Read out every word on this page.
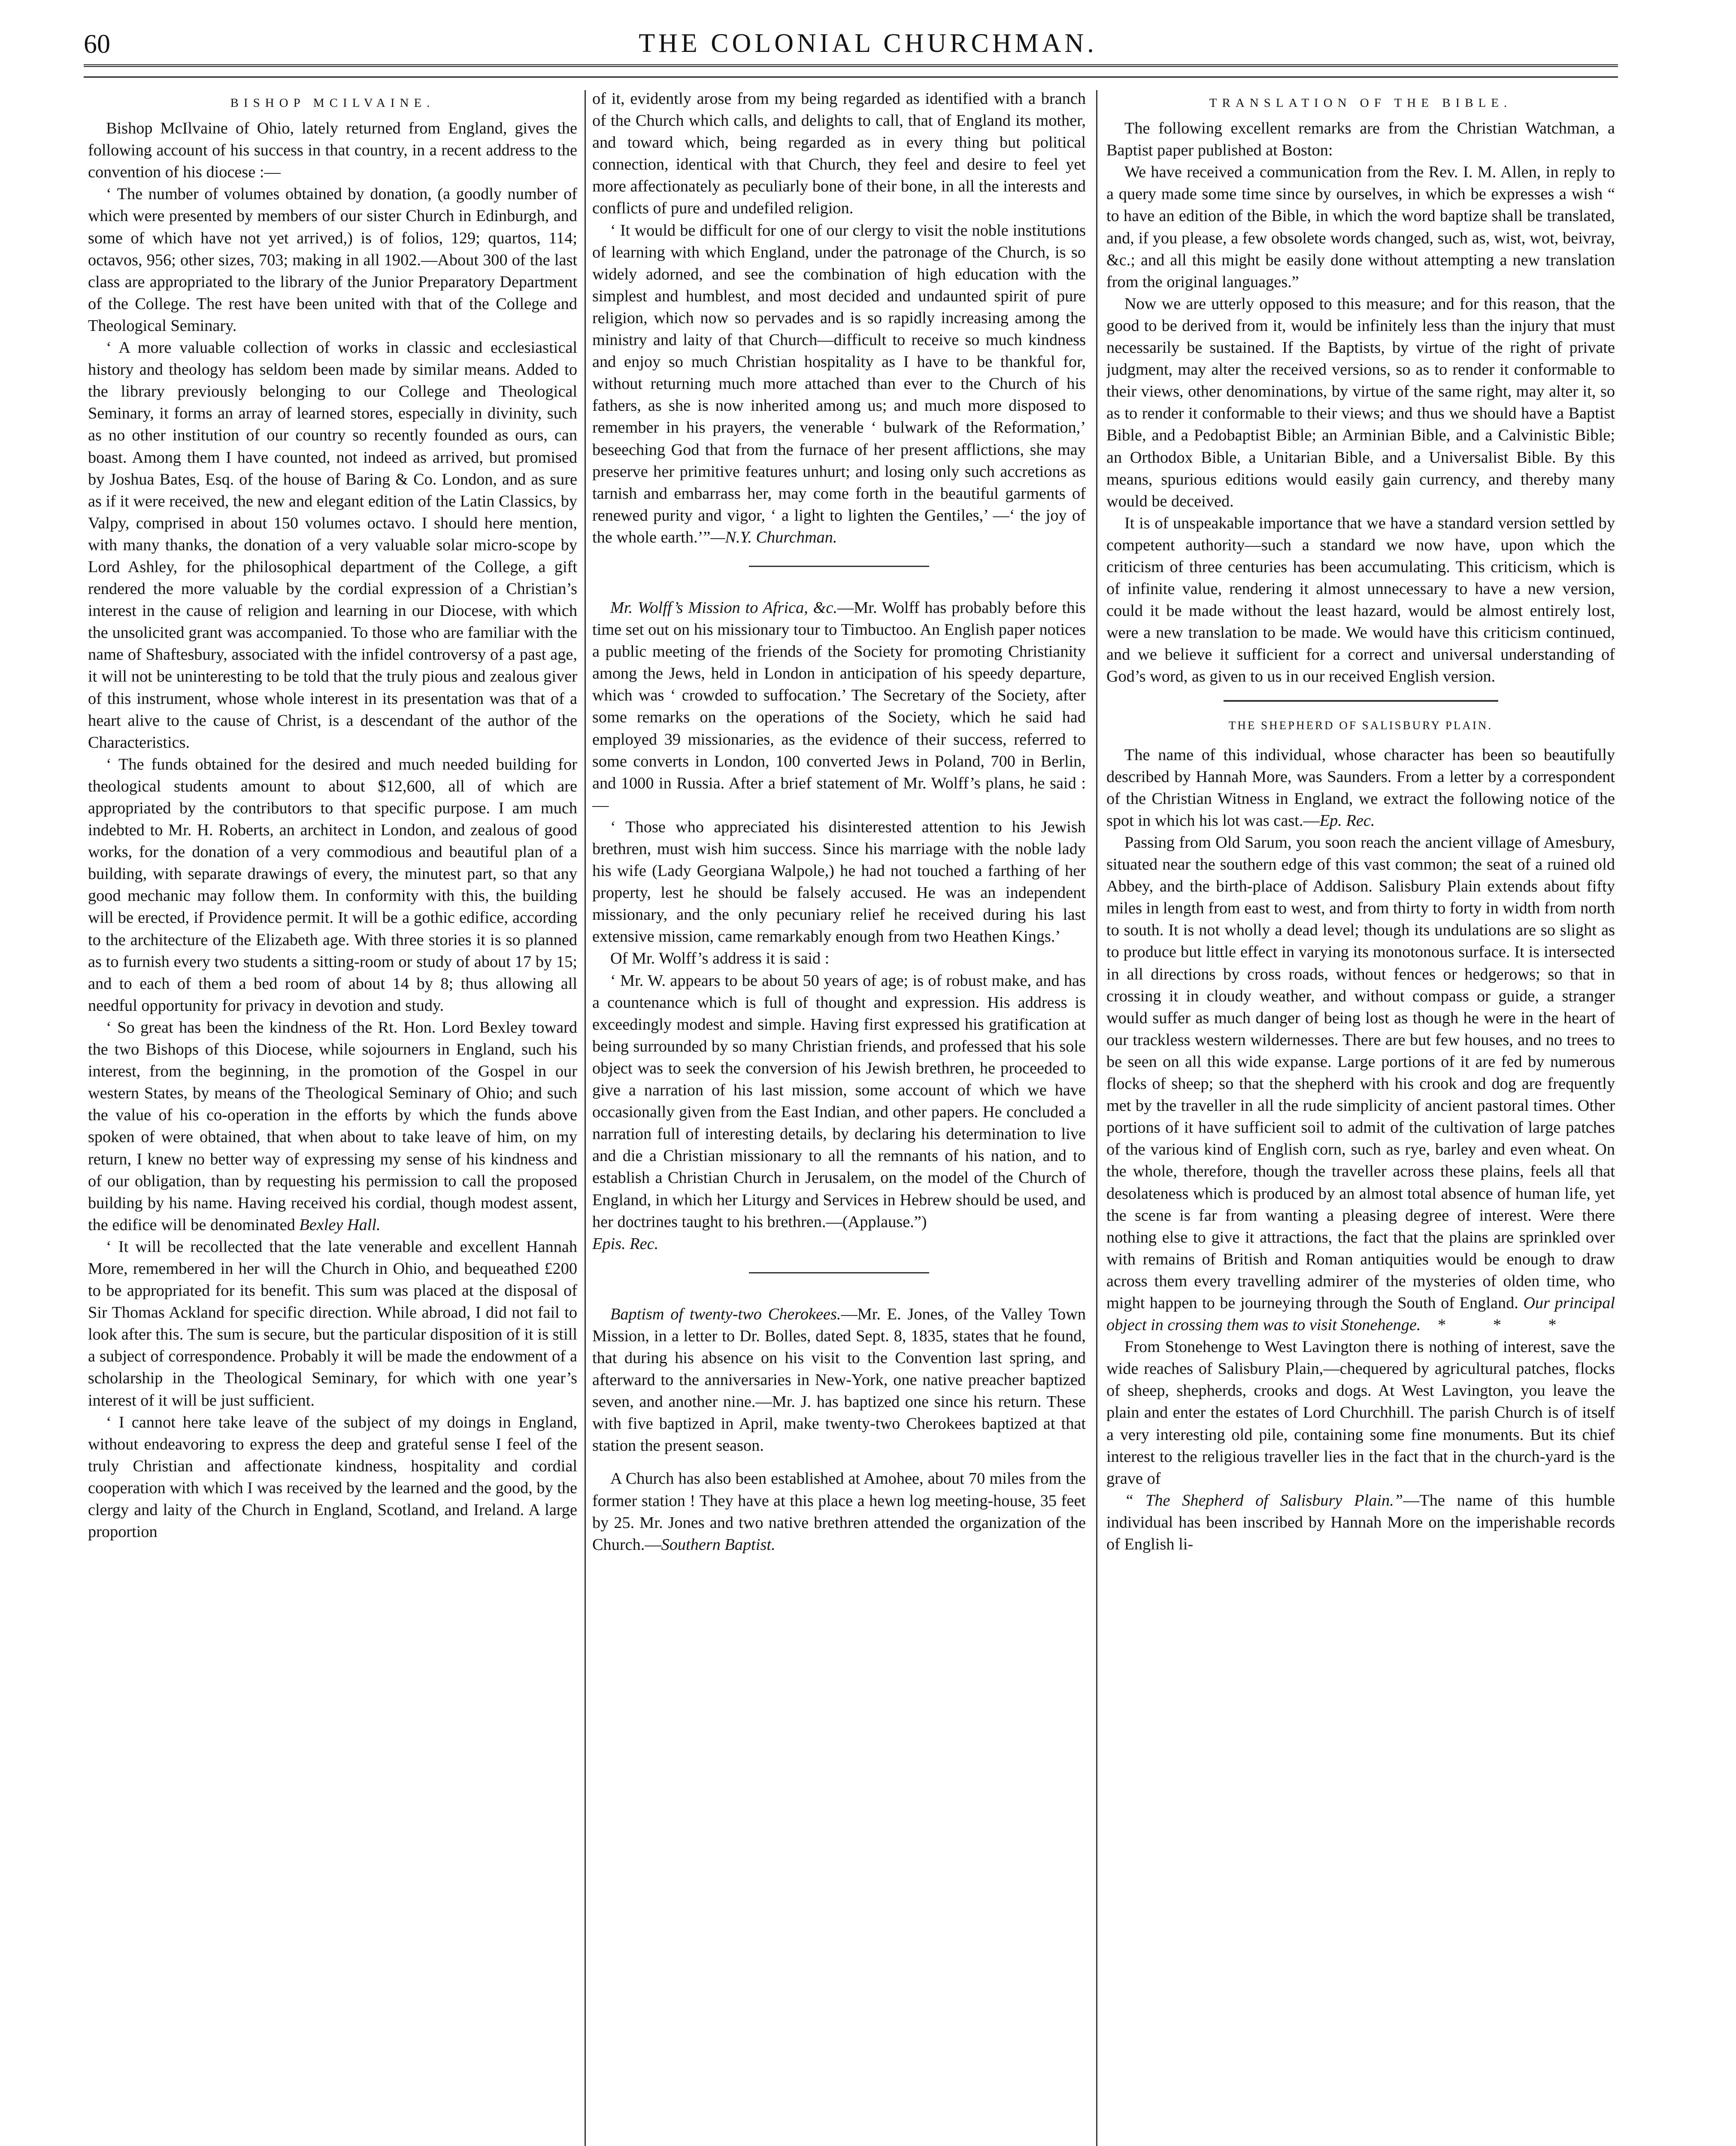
60	THE COLONIAL CHURCHMAN.
BISHOP MCILVAINE.

Bishop McIlvaine of Ohio, lately returned from England, gives the following account of his success in that country, in a recent address to the convention of his diocese :—

‘ The number of volumes obtained by donation, (a goodly number of which were presented by members of our sister Church in Edinburgh, and some of which have not yet arrived,) is of folios, 129; quartos, 114; octavos, 956; other sizes, 703; making in all 1902.—About 300 of the last class are appropriated to the library of the Junior Preparatory Department of the College. The rest have been united with that of the College and Theological Seminary.

‘ A more valuable collection of works in classic and ecclesiastical history and theology has seldom been made by similar means. Added to the library previously belonging to our College and Theological Seminary, it forms an array of learned stores, especially in divinity, such as no other institution of our country so recently founded as ours, can boast. Among them I have counted, not indeed as arrived, but promised by Joshua Bates, Esq. of the house of Baring & Co. London, and as sure as if it were received, the new and elegant edition of the Latin Classics, by Valpy, comprised in about 150 volumes octavo. I should here mention, with many thanks, the donation of a very valuable solar micro-scope by Lord Ashley, for the philosophical department of the College, a gift rendered the more valuable by the cordial expression of a Christian’s interest in the cause of religion and learning in our Diocese, with which the unsolicited grant was accompanied. To those who are familiar with the name of Shaftesbury, associated with the infidel controversy of a past age, it will not be uninteresting to be told that the truly pious and zealous giver of this instrument, whose whole interest in its presentation was that of a heart alive to the cause of Christ, is a descendant of the author of the Characteristics.

‘ The funds obtained for the desired and much needed building for theological students amount to about $12,600, all of which are appropriated by the contributors to that specific purpose. I am much indebted to Mr. H. Roberts, an architect in London, and zealous of good works, for the donation of a very commodious and beautiful plan of a building, with separate drawings of every, the minutest part, so that any good mechanic may follow them. In conformity with this, the building will be erected, if Providence permit. It will be a gothic edifice, according to the architecture of the Elizabeth age. With three stories it is so planned as to furnish every two students a sitting-room or study of about 17 by 15; and to each of them a bed room of about 14 by 8; thus allowing all needful opportunity for privacy in devotion and study.

‘ So great has been the kindness of the Rt. Hon. Lord Bexley toward the two Bishops of this Diocese, while sojourners in England, such his interest, from the beginning, in the promotion of the Gospel in our western States, by means of the Theological Seminary of Ohio; and such the value of his co-operation in the efforts by which the funds above spoken of were obtained, that when about to take leave of him, on my return, I knew no better way of expressing my sense of his kindness and of our obligation, than by requesting his permission to call the proposed building by his name. Having received his cordial, though modest assent, the edifice will be denominated Bexley Hall.

‘ It will be recollected that the late venerable and excellent Hannah More, remembered in her will the Church in Ohio, and bequeathed £200 to be appropriated for its benefit. This sum was placed at the disposal of Sir Thomas Ackland for specific direction. While abroad, I did not fail to look after this. The sum is secure, but the particular disposition of it is still a subject of correspondence. Probably it will be made the endowment of a scholarship in the Theological Seminary, for which with one year’s interest of it will be just sufficient.

‘ I cannot here take leave of the subject of my doings in England, without endeavoring to express the deep and grateful sense I feel of the truly Christian and affectionate kindness, hospitality and cordial cooperation with which I was received by the learned and the good, by the clergy and laity of the Church in England, Scotland, and Ireland. A large proportion

of it, evidently arose from my being regarded as identified with a branch of the Church which calls, and delights to call, that of England its mother, and toward which, being regarded as in every thing but political connection, identical with that Church, they feel and desire to feel yet more affectionately as peculiarly bone of their bone, in all the interests and conflicts of pure and undefiled religion.

‘ It would be difficult for one of our clergy to visit the noble institutions of learning with which England, under the patronage of the Church, is so widely adorned, and see the combination of high education with the simplest and humblest, and most decided and undaunted spirit of pure religion, which now so pervades and is so rapidly increasing among the ministry and laity of that Church—difficult to receive so much kindness and enjoy so much Christian hospitality as I have to be thankful for, without returning much more attached than ever to the Church of his fathers, as she is now inherited among us; and much more disposed to remember in his prayers, the venerable ‘ bulwark of the Reformation,’ beseeching God that from the furnace of her present afflictions, she may preserve her primitive features unhurt; and losing only such accretions as tarnish and embarrass her, may come forth in the beautiful garments of renewed purity and vigor, ‘ a light to lighten the Gentiles,’ —‘ the joy of the whole earth.’”—N.Y. Churchman.

Mr. Wolff’s Mission to Africa, &c.—Mr. Wolff has probably before this time set out on his missionary tour to Timbuctoo. An English paper notices a public meeting of the friends of the Society for promoting Christianity among the Jews, held in London in anticipation of his speedy departure, which was ‘ crowded to suffocation.’ The Secretary of the Society, after some remarks on the operations of the Society, which he said had employed 39 missionaries, as the evidence of their success, referred to some converts in London, 100 converted Jews in Poland, 700 in Berlin, and 1000 in Russia. After a brief statement of Mr. Wolff’s plans, he said :—

‘ Those who appreciated his disinterested attention to his Jewish brethren, must wish him success. Since his marriage with the noble lady his wife (Lady Georgiana Walpole,) he had not touched a farthing of her property, lest he should be falsely accused. He was an independent missionary, and the only pecuniary relief he received during his last extensive mission, came remarkably enough from two Heathen Kings.’

Of Mr. Wolff’s address it is said :

‘ Mr. W. appears to be about 50 years of age; is of robust make, and has a countenance which is full of thought and expression. His address is exceedingly modest and simple. Having first expressed his gratification at being surrounded by so many Christian friends, and professed that his sole object was to seek the conversion of his Jewish brethren, he proceeded to give a narration of his last mission, some account of which we have occasionally given from the East Indian, and other papers. He concluded a narration full of interesting details, by declaring his determination to live and die a Christian missionary to all the remnants of his nation, and to establish a Christian Church in Jerusalem, on the model of the Church of England, in which her Liturgy and Services in Hebrew should be used, and her doctrines taught to his brethren.—(Applause.”)

Epis. Rec.

Baptism of twenty-two Cherokees.—Mr. E. Jones, of the Valley Town Mission, in a letter to Dr. Bolles, dated Sept. 8, 1835, states that he found, that during his absence on his visit to the Convention last spring, and afterward to the anniversaries in New-York, one native preacher baptized seven, and another nine.—Mr. J. has baptized one since his return. These with five baptized in April, make twenty-two Cherokees baptized at that station the present season.

A Church has also been established at Amohee, about 70 miles from the former station ! They have at this place a hewn log meeting-house, 35 feet by 25. Mr. Jones and two native brethren attended the organization of the Church.—Southern Baptist.

TRANSLATION OF THE BIBLE.

The following excellent remarks are from the Christian Watchman, a Baptist paper published at Boston:

We have received a communication from the Rev. I. M. Allen, in reply to a query made some time since by ourselves, in which be expresses a wish “ to have an edition of the Bible, in which the word baptize shall be translated, and, if you please, a few obsolete words changed, such as, wist, wot, beivray, &c.; and all this might be easily done without attempting a new translation from the original languages.”

Now we are utterly opposed to this measure; and for this reason, that the good to be derived from it, would be infinitely less than the injury that must necessarily be sustained. If the Baptists, by virtue of the right of private judgment, may alter the received versions, so as to render it conformable to their views, other denominations, by virtue of the same right, may alter it, so as to render it conformable to their views; and thus we should have a Baptist Bible, and a Pedobaptist Bible; an Arminian Bible, and a Calvinistic Bible; an Orthodox Bible, a Unitarian Bible, and a Universalist Bible. By this means, spurious editions would easily gain currency, and thereby many would be deceived.

It is of unspeakable importance that we have a standard version settled by competent authority—such a standard we now have, upon which the criticism of three centuries has been accumulating. This criticism, which is of infinite value, rendering it almost unnecessary to have a new version, could it be made without the least hazard, would be almost entirely lost, were a new translation to be made. We would have this criticism continued, and we believe it sufficient for a correct and universal understanding of God’s word, as given to us in our received English version.

THE SHEPHERD OF SALISBURY PLAIN.

The name of this individual, whose character has been so beautifully described by Hannah More, was Saunders. From a letter by a correspondent of the Christian Witness in England, we extract the following notice of the spot in which his lot was cast.—Ep. Rec.

Passing from Old Sarum, you soon reach the ancient village of Amesbury, situated near the southern edge of this vast common; the seat of a ruined old Abbey, and the birth-place of Addison. Salisbury Plain extends about fifty miles in length from east to west, and from thirty to forty in width from north to south. It is not wholly a dead level; though its undulations are so slight as to produce but little effect in varying its monotonous surface. It is intersected in all directions by cross roads, without fences or hedgerows; so that in crossing it in cloudy weather, and without compass or guide, a stranger would suffer as much danger of being lost as though he were in the heart of our trackless western wildernesses. There are but few houses, and no trees to be seen on all this wide expanse. Large portions of it are fed by numerous flocks of sheep; so that the shepherd with his crook and dog are frequently met by the traveller in all the rude simplicity of ancient pastoral times. Other portions of it have sufficient soil to admit of the cultivation of large patches of the various kind of English corn, such as rye, barley and even wheat. On the whole, therefore, though the traveller across these plains, feels all that desolateness which is produced by an almost total absence of human life, yet the scene is far from wanting a pleasing degree of interest. Were there nothing else to give it attractions, the fact that the plains are sprinkled over with remains of British and Roman antiquities would be enough to draw across them every travelling admirer of the mysteries of olden time, who might happen to be journeying through the South of England. Our principal object in crossing them was to visit Stonehenge. * * *

From Stonehenge to West Lavington there is nothing of interest, save the wide reaches of Salisbury Plain,—chequered by agricultural patches, flocks of sheep, shepherds, crooks and dogs. At West Lavington, you leave the plain and enter the estates of Lord Churchhill. The parish Church is of itself a very interesting old pile, containing some fine monuments. But its chief interest to the religious traveller lies in the fact that in the church-yard is the grave of

“ The Shepherd of Salisbury Plain.”—The name of this humble individual has been inscribed by Hannah More on the imperishable records of English li-
